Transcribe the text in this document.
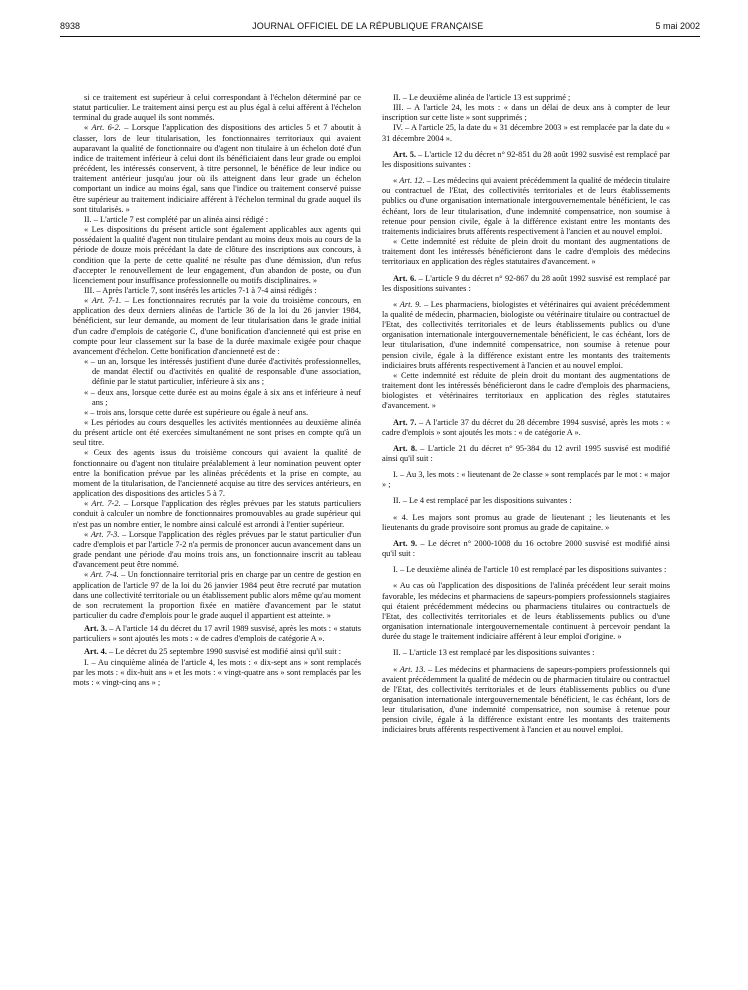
8938	JOURNAL OFFICIEL DE LA RÉPUBLIQUE FRANÇAISE	5 mai 2002

si ce traitement est supérieur à celui correspondant à l'échelon déterminé par ce statut particulier. Le traitement ainsi perçu est au plus égal à celui afférent à l'échelon terminal du grade auquel ils sont nommés.

« Art. 6-2. – Lorsque l'application des dispositions des articles 5 et 7 aboutit à classer, lors de leur titularisation, les fonctionnaires territoriaux qui avaient auparavant la qualité de fonctionnaire ou d'agent non titulaire à un échelon doté d'un indice de traitement inférieur à celui dont ils bénéficiaient dans leur grade ou emploi précédent, les intéressés conservent, à titre personnel, le bénéfice de leur indice ou traitement antérieur jusqu'au jour où ils atteignent dans leur grade un échelon comportant un indice au moins égal, sans que l'indice ou traitement conservé puisse être supérieur au traitement indiciaire afférent à l'échelon terminal du grade auquel ils sont titularisés. »

II. – L'article 7 est complété par un alinéa ainsi rédigé :

« Les dispositions du présent article sont également applicables aux agents qui possédaient la qualité d'agent non titulaire pendant au moins deux mois au cours de la période de douze mois précédant la date de clôture des inscriptions aux concours, à condition que la perte de cette qualité ne résulte pas d'une démission, d'un refus d'accepter le renouvellement de leur engagement, d'un abandon de poste, ou d'un licenciement pour insuffisance professionnelle ou motifs disciplinaires. »

III. – Après l'article 7, sont insérés les articles 7-1 à 7-4 ainsi rédigés :

« Art. 7-1. – Les fonctionnaires recrutés par la voie du troisième concours, en application des deux derniers alinéas de l'article 36 de la loi du 26 janvier 1984, bénéficient, sur leur demande, au moment de leur titularisation dans le grade initial d'un cadre d'emplois de catégorie C, d'une bonification d'ancienneté qui est prise en compte pour leur classement sur la base de la durée maximale exigée pour chaque avancement d'échelon. Cette bonification d'ancienneté est de :

« – un an, lorsque les intéressés justifient d'une durée d'activités professionnelles, de mandat électif ou d'activités en qualité de responsable d'une association, définie par le statut particulier, inférieure à six ans ;

« – deux ans, lorsque cette durée est au moins égale à six ans et inférieure à neuf ans ;

« – trois ans, lorsque cette durée est supérieure ou égale à neuf ans.

« Les périodes au cours desquelles les activités mentionnées au deuxième alinéa du présent article ont été exercées simultanément ne sont prises en compte qu'à un seul titre.

« Ceux des agents issus du troisième concours qui avaient la qualité de fonctionnaire ou d'agent non titulaire préalablement à leur nomination peuvent opter entre la bonification prévue par les alinéas précédents et la prise en compte, au moment de la titularisation, de l'ancienneté acquise au titre des services antérieurs, en application des dispositions des articles 5 à 7.

« Art. 7-2. – Lorsque l'application des règles prévues par les statuts particuliers conduit à calculer un nombre de fonctionnaires promouvables au grade supérieur qui n'est pas un nombre entier, le nombre ainsi calculé est arrondi à l'entier supérieur.

« Art. 7-3. – Lorsque l'application des règles prévues par le statut particulier d'un cadre d'emplois et par l'article 7-2 n'a permis de prononcer aucun avancement dans un grade pendant une période d'au moins trois ans, un fonctionnaire inscrit au tableau d'avancement peut être nommé.

« Art. 7-4. – Un fonctionnaire territorial pris en charge par un centre de gestion en application de l'article 97 de la loi du 26 janvier 1984 peut être recruté par mutation dans une collectivité territoriale ou un établissement public alors même qu'au moment de son recrutement la proportion fixée en matière d'avancement par le statut particulier du cadre d'emplois pour le grade auquel il appartient est atteinte. »

Art. 3. – A l'article 14 du décret du 17 avril 1989 susvisé, après les mots : « statuts particuliers » sont ajoutés les mots : « de cadres d'emplois de catégorie A ».

Art. 4. – Le décret du 25 septembre 1990 susvisé est modifié ainsi qu'il suit :

I. – Au cinquième alinéa de l'article 4, les mots : « dix-sept ans » sont remplacés par les mots : « dix-huit ans » et les mots : « vingt-quatre ans » sont remplacés par les mots : « vingt-cinq ans » ;

II. – Le deuxième alinéa de l'article 13 est supprimé ;

III. – A l'article 24, les mots : « dans un délai de deux ans à compter de leur inscription sur cette liste » sont supprimés ;

IV. – A l'article 25, la date du « 31 décembre 2003 » est remplacée par la date du « 31 décembre 2004 ».

Art. 5. – L'article 12 du décret n° 92-851 du 28 août 1992 susvisé est remplacé par les dispositions suivantes :

« Art. 12. – Les médecins qui avaient précédemment la qualité de médecin titulaire ou contractuel de l'Etat, des collectivités territoriales et de leurs établissements publics ou d'une organisation internationale intergouvernementale bénéficient, le cas échéant, lors de leur titularisation, d'une indemnité compensatrice, non soumise à retenue pour pension civile, égale à la différence existant entre les montants des traitements indiciaires bruts afférents respectivement à l'ancien et au nouvel emploi.

« Cette indemnité est réduite de plein droit du montant des augmentations de traitement dont les intéressés bénéficieront dans le cadre d'emplois des médecins territoriaux en application des règles statutaires d'avancement. »

Art. 6. – L'article 9 du décret n° 92-867 du 28 août 1992 susvisé est remplacé par les dispositions suivantes :

« Art. 9. – Les pharmaciens, biologistes et vétérinaires qui avaient précédemment la qualité de médecin, pharmacien, biologiste ou vétérinaire titulaire ou contractuel de l'Etat, des collectivités territoriales et de leurs établissements publics ou d'une organisation internationale intergouvernementale bénéficient, le cas échéant, lors de leur titularisation, d'une indemnité compensatrice, non soumise à retenue pour pension civile, égale à la différence existant entre les montants des traitements indiciaires bruts afférents respectivement à l'ancien et au nouvel emploi.

« Cette indemnité est réduite de plein droit du montant des augmentations de traitement dont les intéressés bénéficieront dans le cadre d'emplois des pharmaciens, biologistes et vétérinaires territoriaux en application des règles statutaires d'avancement. »

Art. 7. – A l'article 37 du décret du 28 décembre 1994 susvisé, après les mots : « cadre d'emplois » sont ajoutés les mots : « de catégorie A ».

Art. 8. – L'article 21 du décret n° 95-384 du 12 avril 1995 susvisé est modifié ainsi qu'il suit :

I. – Au 3, les mots : « lieutenant de 2e classe » sont remplacés par le mot : « major » ;

II. – Le 4 est remplacé par les dispositions suivantes :

« 4. Les majors sont promus au grade de lieutenant ; les lieutenants et les lieutenants du grade provisoire sont promus au grade de capitaine. »

Art. 9. – Le décret n° 2000-1008 du 16 octobre 2000 susvisé est modifié ainsi qu'il suit :

I. – Le deuxième alinéa de l'article 10 est remplacé par les dispositions suivantes :

« Au cas où l'application des dispositions de l'alinéa précédent leur serait moins favorable, les médecins et pharmaciens de sapeurs-pompiers professionnels stagiaires qui étaient précédemment médecins ou pharmaciens titulaires ou contractuels de l'Etat, des collectivités territoriales et de leurs établissements publics ou d'une organisation internationale intergouvernementale continuent à percevoir pendant la durée du stage le traitement indiciaire afférent à leur emploi d'origine. »

II. – L'article 13 est remplacé par les dispositions suivantes :

« Art. 13. – Les médecins et pharmaciens de sapeurs-pompiers professionnels qui avaient précédemment la qualité de médecin ou de pharmacien titulaire ou contractuel de l'Etat, des collectivités territoriales et de leurs établissements publics ou d'une organisation internationale intergouvernementale bénéficient, le cas échéant, lors de leur titularisation, d'une indemnité compensatrice, non soumise à retenue pour pension civile, égale à la différence existant entre les montants des traitements indiciaires bruts afférents respectivement à l'ancien et au nouvel emploi.
